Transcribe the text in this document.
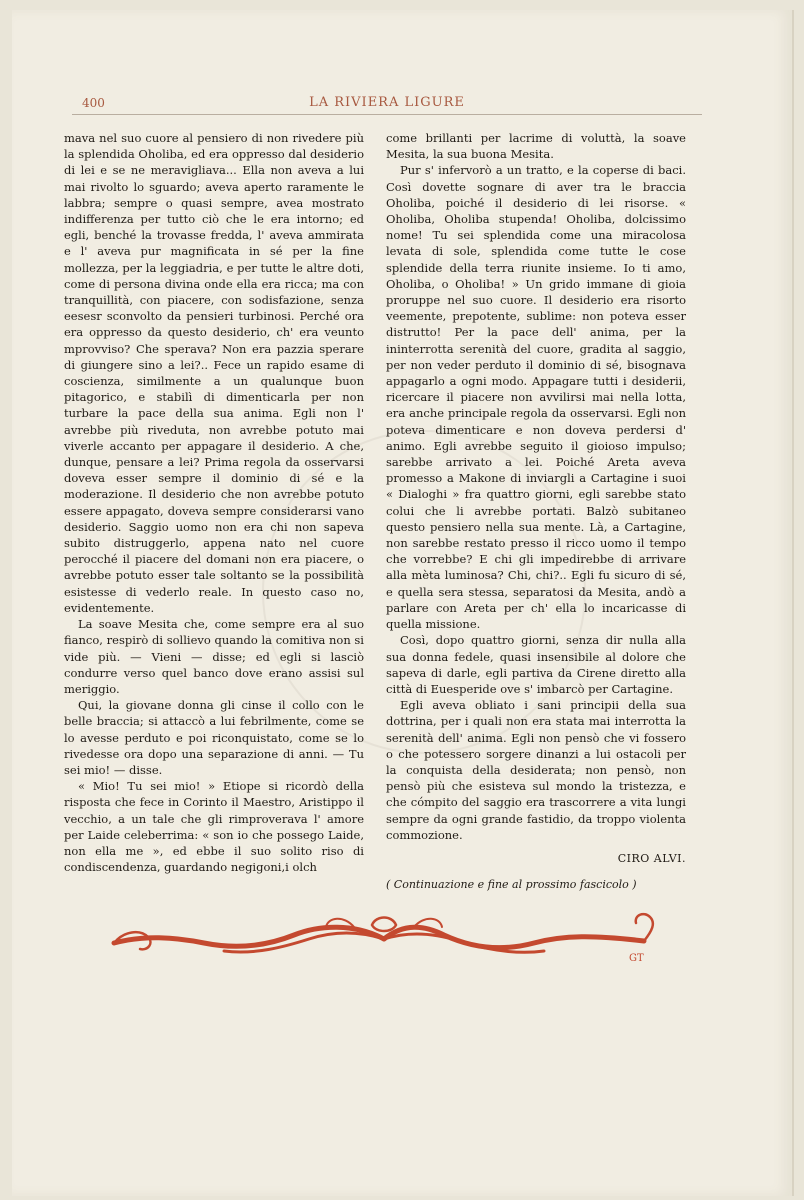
400	LA RIVIERA LIGURE

mava nel suo cuore al pensiero di non rivedere più la splendida Oholiba, ed era oppresso dal desiderio di lei e se ne meravigliava... Ella non aveva a lui mai rivolto lo sguardo; aveva aperto raramente le labbra; sempre o quasi sempre, avea mostrato indifferenza per tutto ciò che le era intorno; ed egli, benché la trovasse fredda, l' aveva ammirata e l' aveva pur magnificata in sé per la fine mollezza, per la leggiadria, e per tutte le altre doti, come di persona divina onde ella era ricca; ma con tranquillità, con piacere, con sodisfazione, senza eesesr sconvolto da pensieri turbinosi. Perché ora era oppresso da questo desiderio, ch' era veunto mprovviso? Che sperava? Non era pazzia sperare di giungere sino a lei?.. Fece un rapido esame di coscienza, similmente a un qualunque buon pitagorico, e stabilì di dimenticarla per non turbare la pace della sua anima. Egli non l' avrebbe più riveduta, non avrebbe potuto mai viverle accanto per appagare il desiderio. A che, dunque, pensare a lei? Prima regola da osservarsi doveva esser sempre il dominio di sé e la moderazione. Il desiderio che non avrebbe potuto essere appagato, doveva sempre considerarsi vano desiderio. Saggio uomo non era chi non sapeva subito distruggerlo, appena nato nel cuore perocché il piacere del domani non era piacere, o avrebbe potuto esser tale soltanto se la possibilità esistesse di vederlo reale. In questo caso no, evidentemente.

La soave Mesita che, come sempre era al suo fianco, respirò di sollievo quando la comitiva non si vide più. — Vieni — disse; ed egli si lasciò condurre verso quel banco dove erano assisi sul meriggio.

Qui, la giovane donna gli cinse il collo con le belle braccia; si attaccò a lui febrilmente, come se lo avesse perduto e poi riconquistato, come se lo rivedesse ora dopo una separazione di anni. — Tu sei mio! — disse.

« Mio! Tu sei mio! » Etiope si ricordò della risposta che fece in Corinto il Maestro, Aristippo il vecchio, a un tale che gli rimproverava l' amore per Laide celeberrima: « son io che possego Laide, non ella me », ed ebbe il suo solito riso di condiscendenza, guardando negigoni,i olch

come brillanti per lacrime di voluttà, la soave Mesita, la sua buona Mesita.

Pur s' infervorò a un tratto, e la coperse di baci. Così dovette sognare di aver tra le braccia Oholiba, poiché il desiderio di lei risorse. « Oholiba, Oholiba stupenda! Oholiba, dolcissimo nome! Tu sei splendida come una miracolosa levata di sole, splendida come tutte le cose splendide della terra riunite insieme. Io ti amo, Oholiba, o Oholiba! » Un grido immane di gioia proruppe nel suo cuore. Il desiderio era risorto veemente, prepotente, sublime: non poteva esser distrutto! Per la pace dell' anima, per la ininterrotta serenità del cuore, gradita al saggio, per non veder perduto il dominio di sé, bisognava appagarlo a ogni modo. Appagare tutti i desiderii, ricercare il piacere non avvilirsi mai nella lotta, era anche principale regola da osservarsi. Egli non poteva dimenticare e non doveva perdersi d' animo. Egli avrebbe seguito il gioioso impulso; sarebbe arrivato a lei. Poiché Areta aveva promesso a Makone di inviargli a Cartagine i suoi « Dialoghi » fra quattro giorni, egli sarebbe stato colui che li avrebbe portati. Balzò subitaneo questo pensiero nella sua mente. Là, a Cartagine, non sarebbe restato presso il ricco uomo il tempo che vorrebbe? E chi gli impedirebbe di arrivare alla mèta luminosa? Chi, chi?.. Egli fu sicuro di sé, e quella sera stessa, separatosi da Mesita, andò a parlare con Areta per ch' ella lo incaricasse di quella missione.

Così, dopo quattro giorni, senza dir nulla alla sua donna fedele, quasi insensibile al dolore che sapeva di darle, egli partiva da Cirene diretto alla città di Euesperide ove s' imbarcò per Cartagine.

Egli aveva obliato i sani principii della sua dottrina, per i quali non era stata mai interrotta la serenità dell' anima. Egli non pensò che vi fossero o che potessero sorgere dinanzi a lui ostacoli per la conquista della desiderata; non pensò, non pensò più che esisteva sul mondo la tristezza, e che cómpito del saggio era trascorrere a vita lungi sempre da ogni grande fastidio, da troppo violenta commozione.

CIRO ALVI.
( Continuazione e fine al prossimo fascicolo )
GT
